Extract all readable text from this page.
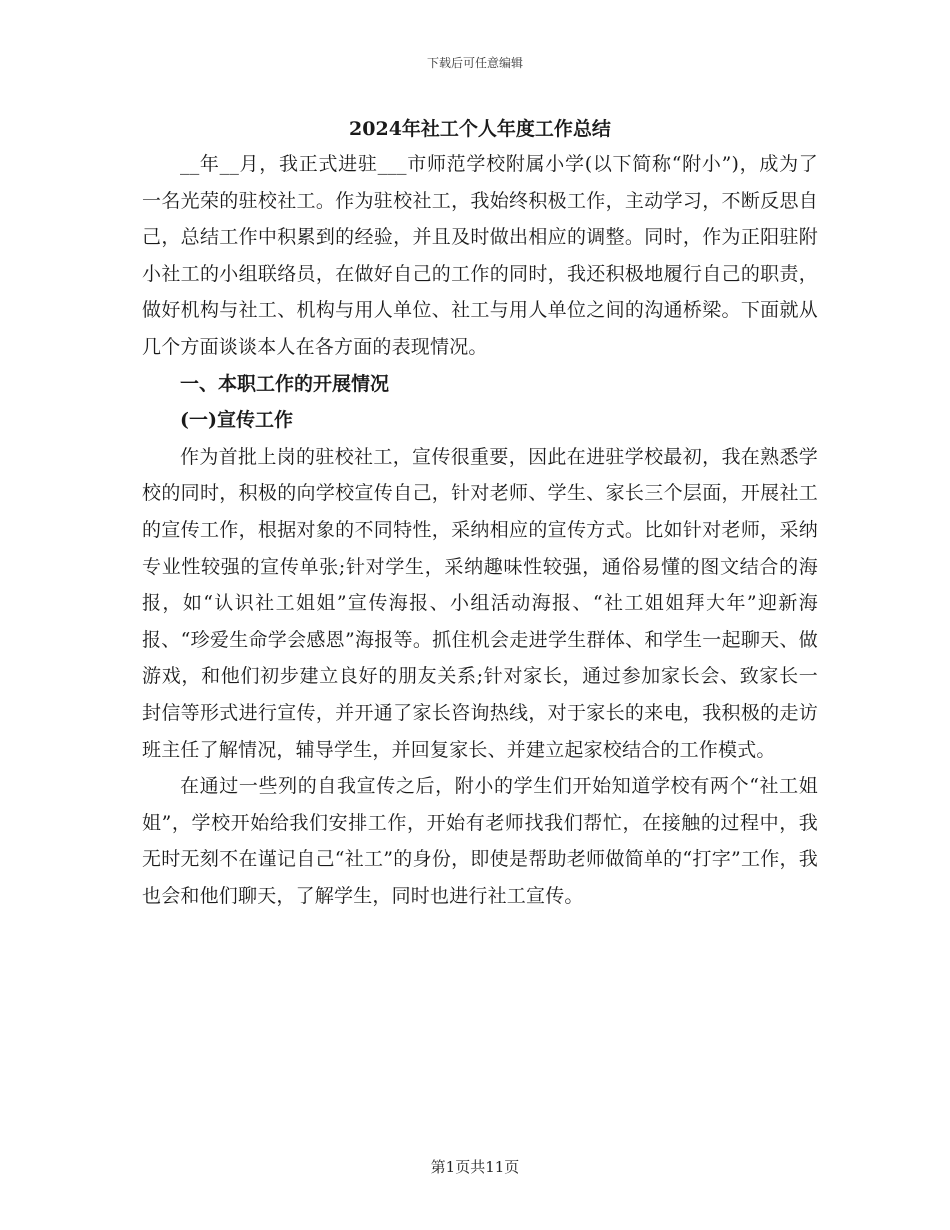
下载后可任意编辑
2024年社工个人年度工作总结

__年__月，我正式进驻___市师范学校附属小学(以下简称“附小”)，成为了一名光荣的驻校社工。作为驻校社工，我始终积极工作，主动学习，不断反思自己，总结工作中积累到的经验，并且及时做出相应的调整。同时，作为正阳驻附小社工的小组联络员，在做好自己的工作的同时，我还积极地履行自己的职责，做好机构与社工、机构与用人单位、社工与用人单位之间的沟通桥梁。下面就从几个方面谈谈本人在各方面的表现情况。

一、本职工作的开展情况

(一)宣传工作

作为首批上岗的驻校社工，宣传很重要，因此在进驻学校最初，我在熟悉学校的同时，积极的向学校宣传自己，针对老师、学生、家长三个层面，开展社工的宣传工作，根据对象的不同特性，采纳相应的宣传方式。比如针对老师，采纳专业性较强的宣传单张;针对学生，采纳趣味性较强，通俗易懂的图文结合的海报，如“认识社工姐姐”宣传海报、小组活动海报、“社工姐姐拜大年”迎新海报、“珍爱生命学会感恩”海报等。抓住机会走进学生群体、和学生一起聊天、做游戏，和他们初步建立良好的朋友关系;针对家长，通过参加家长会、致家长一封信等形式进行宣传，并开通了家长咨询热线，对于家长的来电，我积极的走访班主任了解情况，辅导学生，并回复家长、并建立起家校结合的工作模式。

在通过一些列的自我宣传之后，附小的学生们开始知道学校有两个“社工姐姐”，学校开始给我们安排工作，开始有老师找我们帮忙，在接触的过程中，我无时无刻不在谨记自己“社工”的身份，即使是帮助老师做简单的“打字”工作，我也会和他们聊天，了解学生，同时也进行社工宣传。

第1页共11页
